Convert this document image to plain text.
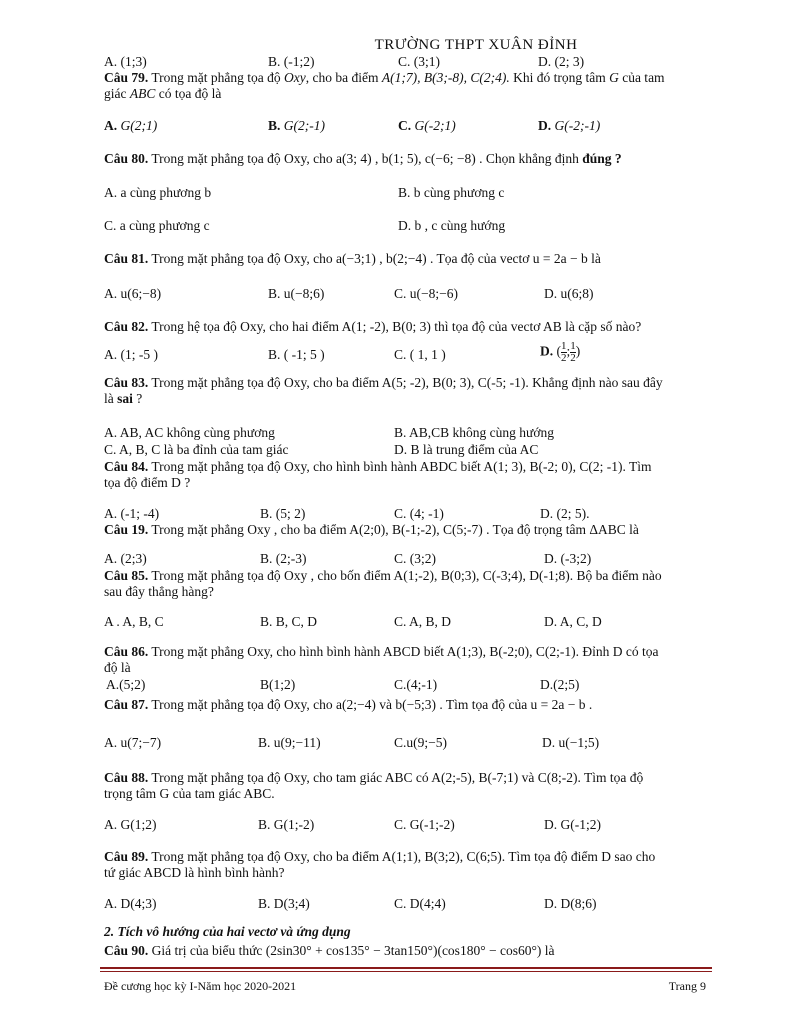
TRƯỜNG THPT XUÂN ĐỈNH
A. (1;3)	B. (-1;2)	C. (3;1)	D. (2; 3)
Câu 79. Trong mặt phẳng tọa độ Oxy, cho ba điểm A(1;7), B(3;-8), C(2;4). Khi đó trọng tâm G của tam
giác ABC có tọa độ là
A. G(2;1)	B. G(2;-1)	C. G(-2;1)	D. G(-2;-1)
Câu 80. Trong mặt phẳng tọa độ Oxy, cho a(3; 4) , b(1; 5), c(−6; −8) . Chọn khẳng định đúng ?
A. a cùng phương b	B. b cùng phương c
C. a cùng phương c	D. b , c cùng hướng
Câu 81. Trong mặt phẳng tọa độ Oxy, cho a(−3;1) , b(2;−4) . Tọa độ của vectơ u = 2a − b là
A. u(6;−8)	B. u(−8;6)	C. u(−8;−6)	D. u(6;8)
Câu 82. Trong hệ tọa độ Oxy, cho hai điểm A(1; -2), B(0; 3) thì tọa độ của vectơ AB là cặp số nào?
A. (1; -5 )	B. ( -1; 5 )	C. ( 1, 1 )	D. ( $\frac{1}{2}$ ; $\frac{1}{2}$ )
Câu 83. Trong mặt phẳng tọa độ Oxy, cho ba điểm A(5; -2), B(0; 3), C(-5; -1). Khẳng định nào sau đây
là sai ?
A. AB, AC không cùng phương	B. AB,CB không cùng hướng
C. A, B, C là ba đỉnh của tam giác	D. B là trung điểm của AC
Câu 84. Trong mặt phẳng tọa độ Oxy, cho hình bình hành ABDC biết A(1; 3), B(-2; 0), C(2; -1). Tìm
tọa độ điểm D ?
A. (-1; -4)	B. (5; 2)	C. (4; -1)	D. (2; 5).
Câu 19. Trong mặt phẳng Oxy , cho ba điểm A(2;0), B(-1;-2), C(5;-7) . Tọa độ trọng tâm ΔABC là
A. (2;3)	B. (2;-3)	C. (3;2)	D. (-3;2)
Câu 85. Trong mặt phẳng tọa độ Oxy , cho bốn điểm A(1;-2), B(0;3), C(-3;4), D(-1;8). Bộ ba điểm nào
sau đây thẳng hàng?
A . A, B, C	B. B, C, D	C. A, B, D	D. A, C, D
Câu 86. Trong mặt phẳng Oxy, cho hình bình hành ABCD biết A(1;3), B(-2;0), C(2;-1). Đỉnh D có tọa
độ là
A.(5;2)	B(1;2)	C.(4;-1)	D.(2;5)
Câu 87. Trong mặt phẳng tọa độ Oxy, cho a(2;−4) và b(−5;3) . Tìm tọa độ của u = 2a − b .
A. u(7;−7)	B. u(9;−11)	C.u(9;−5)	D. u(−1;5)
Câu 88. Trong mặt phẳng tọa độ Oxy, cho tam giác ABC có A(2;-5), B(-7;1) và C(8;-2). Tìm tọa độ
trọng tâm G của tam giác ABC.
A. G(1;2)	B. G(1;-2)	C. G(-1;-2)	D. G(-1;2)
Câu 89. Trong mặt phẳng tọa độ Oxy, cho ba điểm A(1;1), B(3;2), C(6;5). Tìm tọa độ điểm D sao cho
tứ giác ABCD là hình bình hành?
A. D(4;3)	B. D(3;4)	C. D(4;4)	D. D(8;6)
2. Tích vô hướng của hai vectơ và ứng dụng
Câu 90. Giá trị của biểu thức (2sin30° + cos135° − 3tan150°)(cos180° − cos60°) là
Đề cương học kỳ I-Năm học 2020-2021	Trang 9
